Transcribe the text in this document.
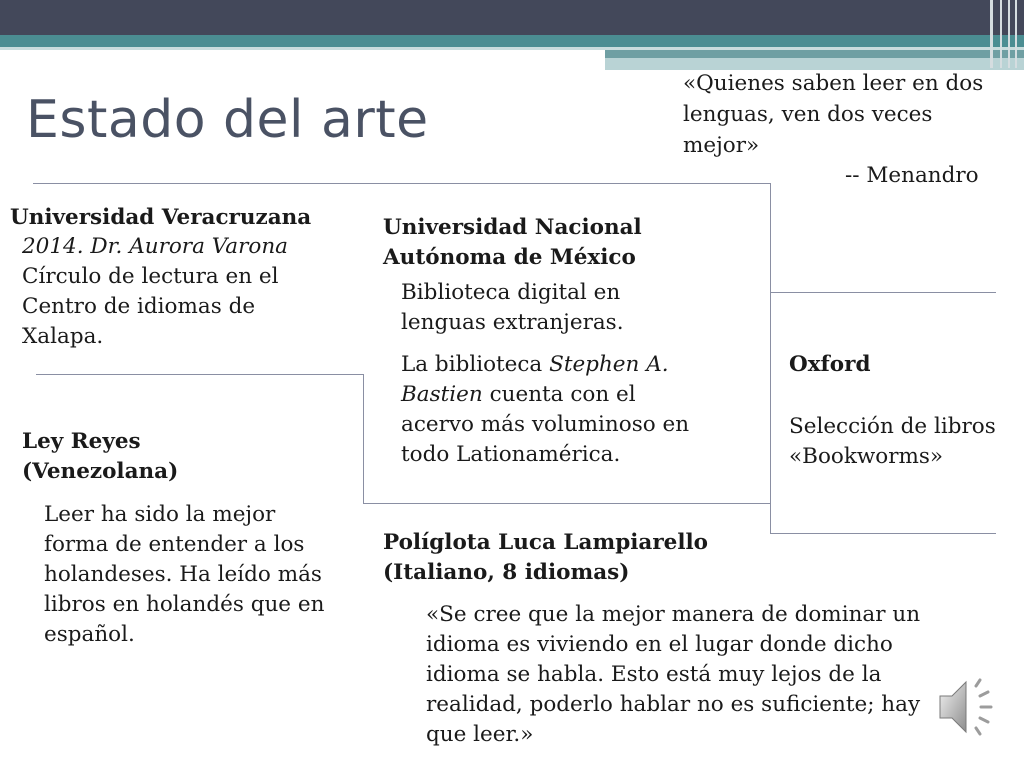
Estado del arte
«Quienes saben leer en dos lenguas, ven dos veces mejor»
-- Menandro
Universidad Veracruzana
2014. Dr. Aurora Varona
Círculo de lectura en el Centro de idiomas de Xalapa.
Universidad Nacional Autónoma de México
Biblioteca digital en lenguas extranjeras.
La biblioteca Stephen A. Bastien cuenta con el acervo más voluminoso en todo Lationamérica.
Oxford
Selección de libros «Bookworms»
Ley Reyes (Venezolana)
Leer ha sido la mejor forma de entender a los holandeses. Ha leído más libros en holandés que en español.
Políglota Luca Lampiarello (Italiano, 8 idiomas)
«Se cree que la mejor manera de dominar un idioma es viviendo en el lugar donde dicho idioma se habla. Esto está muy lejos de la realidad, poderlo hablar no es suficiente; hay que leer.»
